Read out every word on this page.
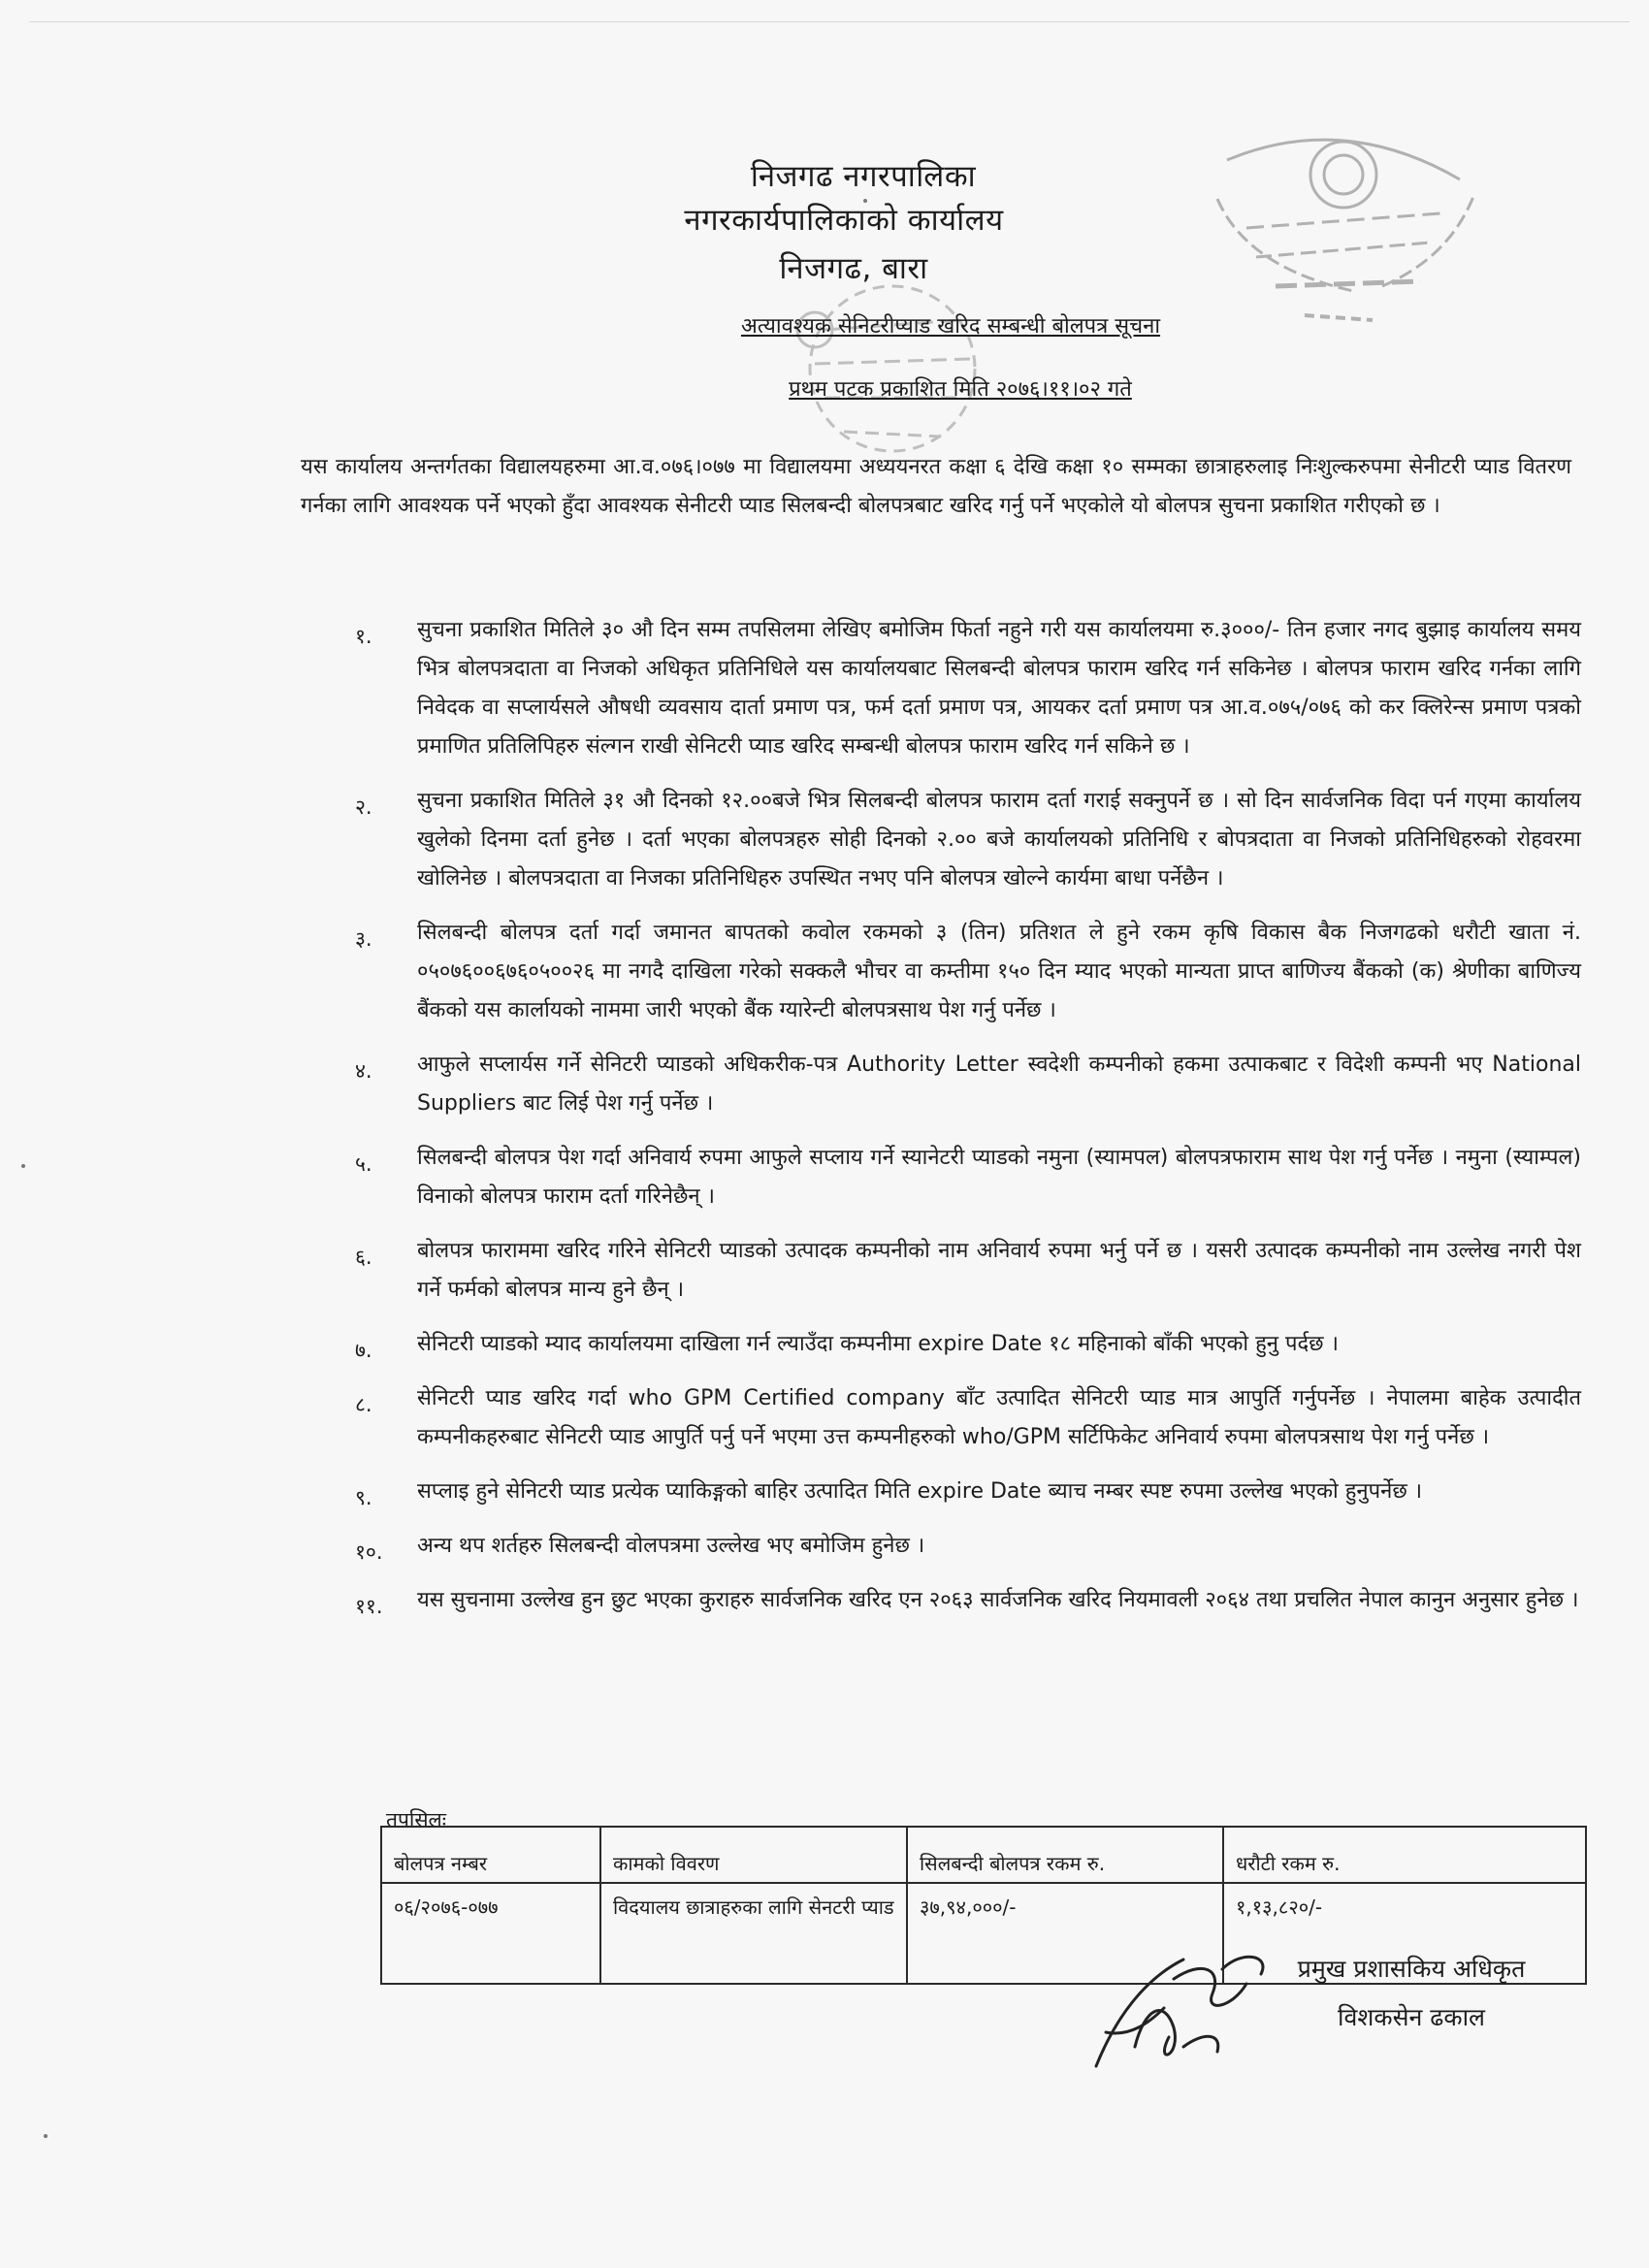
निजगढ नगरपालिका
नगरकार्यपालिकाको कार्यालय
निजगढ, बारा
अत्यावश्यक सेनिटरीप्याड खरिद सम्बन्धी बोलपत्र सूचना
प्रथम पटक प्रकाशित मिति २०७६।११।०२ गते

यस कार्यालय अन्तर्गतका विद्यालयहरुमा आ.व.०७६।०७७ मा विद्यालयमा अध्ययनरत कक्षा ६ देखि कक्षा १० सम्मका छात्राहरुलाइ निःशुल्करुपमा सेनीटरी प्याड वितरण गर्नका लागि आवश्यक पर्ने भएको हुँदा आवश्यक सेनीटरी प्याड सिलबन्दी बोलपत्रबाट खरिद गर्नु पर्ने भएकोले यो बोलपत्र सुचना प्रकाशित गरीएको छ ।

१. सुचना प्रकाशित मितिले ३० औ दिन सम्म तपसिलमा लेखिए बमोजिम फिर्ता नहुने गरी यस कार्यालयमा रु.३०००/- तिन हजार नगद बुझाइ कार्यालय समय भित्र बोलपत्रदाता वा निजको अधिकृत प्रतिनिधिले यस कार्यालयबाट सिलबन्दी बोलपत्र फाराम खरिद गर्न सकिनेछ । बोलपत्र फाराम खरिद गर्नका लागि निवेदक वा सप्लार्यसले औषधी व्यवसाय दार्ता प्रमाण पत्र, फर्म दर्ता प्रमाण पत्र, आयकर दर्ता प्रमाण पत्र आ.व.०७५/०७६ को कर क्लिरेन्स प्रमाण पत्रको प्रमाणित प्रतिलिपिहरु संल्गन राखी सेनिटरी प्याड खरिद सम्बन्धी बोलपत्र फाराम खरिद गर्न सकिने छ ।
२. सुचना प्रकाशित मितिले ३१ औ दिनको १२.००बजे भित्र सिलबन्दी बोलपत्र फाराम दर्ता गराई सक्नुपर्ने छ । सो दिन सार्वजनिक विदा पर्न गएमा कार्यालय खुलेको दिनमा दर्ता हुनेछ । दर्ता भएका बोलपत्रहरु सोही दिनको २.०० बजे कार्यालयको प्रतिनिधि र बोपत्रदाता वा निजको प्रतिनिधिहरुको रोहवरमा खोलिनेछ । बोलपत्रदाता वा निजका प्रतिनिधिहरु उपस्थित नभए पनि बोलपत्र खोल्ने कार्यमा बाधा पर्नेछैन ।
३. सिलबन्दी बोलपत्र दर्ता गर्दा जमानत बापतको कवोल रकमको ३ (तिन) प्रतिशत ले हुने रकम कृषि विकास बैक निजगढको धरौटी खाता नं. ०५०७६००६७६०५००२६ मा नगदै दाखिला गरेको सक्कलै भौचर वा कम्तीमा १५० दिन म्याद भएको मान्यता प्राप्त बाणिज्य बैंकको (क) श्रेणीका बाणिज्य बैंकको यस कार्लायको नाममा जारी भएको बैंक ग्यारेन्टी बोलपत्रसाथ पेश गर्नु पर्नेछ ।
४. आफुले सप्लार्यस गर्ने सेनिटरी प्याडको अधिकरीक-पत्र Authority Letter स्वदेशी कम्पनीको हकमा उत्पाकबाट र विदेशी कम्पनी भए National Suppliers बाट लिई पेश गर्नु पर्नेछ ।
५. सिलबन्दी बोलपत्र पेश गर्दा अनिवार्य रुपमा आफुले सप्लाय गर्ने स्यानेटरी प्याडको नमुना (स्यामपल) बोलपत्रफाराम साथ पेश गर्नु पर्नेछ । नमुना (स्याम्पल) विनाको बोलपत्र फाराम दर्ता गरिनेछैन् ।
६. बोलपत्र फाराममा खरिद गरिने सेनिटरी प्याडको उत्पादक कम्पनीको नाम अनिवार्य रुपमा भर्नु पर्ने छ । यसरी उत्पादक कम्पनीको नाम उल्लेख नगरी पेश गर्ने फर्मको बोलपत्र मान्य हुने छैन् ।
७. सेनिटरी प्याडको म्याद कार्यालयमा दाखिला गर्न ल्याउँदा कम्पनीमा expire Date १८ महिनाको बाँकी भएको हुनु पर्दछ ।
८. सेनिटरी प्याड खरिद गर्दा who GPM Certified company बाँट उत्पादित सेनिटरी प्याड मात्र आपुर्ति गर्नुपर्नेछ । नेपालमा बाहेक उत्पादीत कम्पनीकहरुबाट सेनिटरी प्याड आपुर्ति पर्नु पर्ने भएमा उत्त कम्पनीहरुको who/GPM सर्टिफिकेट अनिवार्य रुपमा बोलपत्रसाथ पेश गर्नु पर्नेछ ।
९. सप्लाइ हुने सेनिटरी प्याड प्रत्येक प्याकिङ्गको बाहिर उत्पादित मिति expire Date ब्याच नम्बर स्पष्ट रुपमा उल्लेख भएको हुनुपर्नेछ ।
१०. अन्य थप शर्तहरु सिलबन्दी वोलपत्रमा उल्लेख भए बमोजिम हुनेछ ।
११. यस सुचनामा उल्लेख हुन छुट भएका कुराहरु सार्वजनिक खरिद एन २०६३ सार्वजनिक खरिद नियमावली २०६४ तथा प्रचलित नेपाल कानुन अनुसार हुनेछ ।
तपसिलः
बोलपत्र नम्बर	कामको विवरण	सिलबन्दी बोलपत्र रकम रु.	धरौटी रकम रु.
०६/२०७६-०७७	विदयालय छात्राहरुका लागि सेनटरी प्याड	३७,९४,०००/-	१,१३,८२०/-
प्रमुख प्रशासकिय अधिकृत
विशकसेन ढकाल
